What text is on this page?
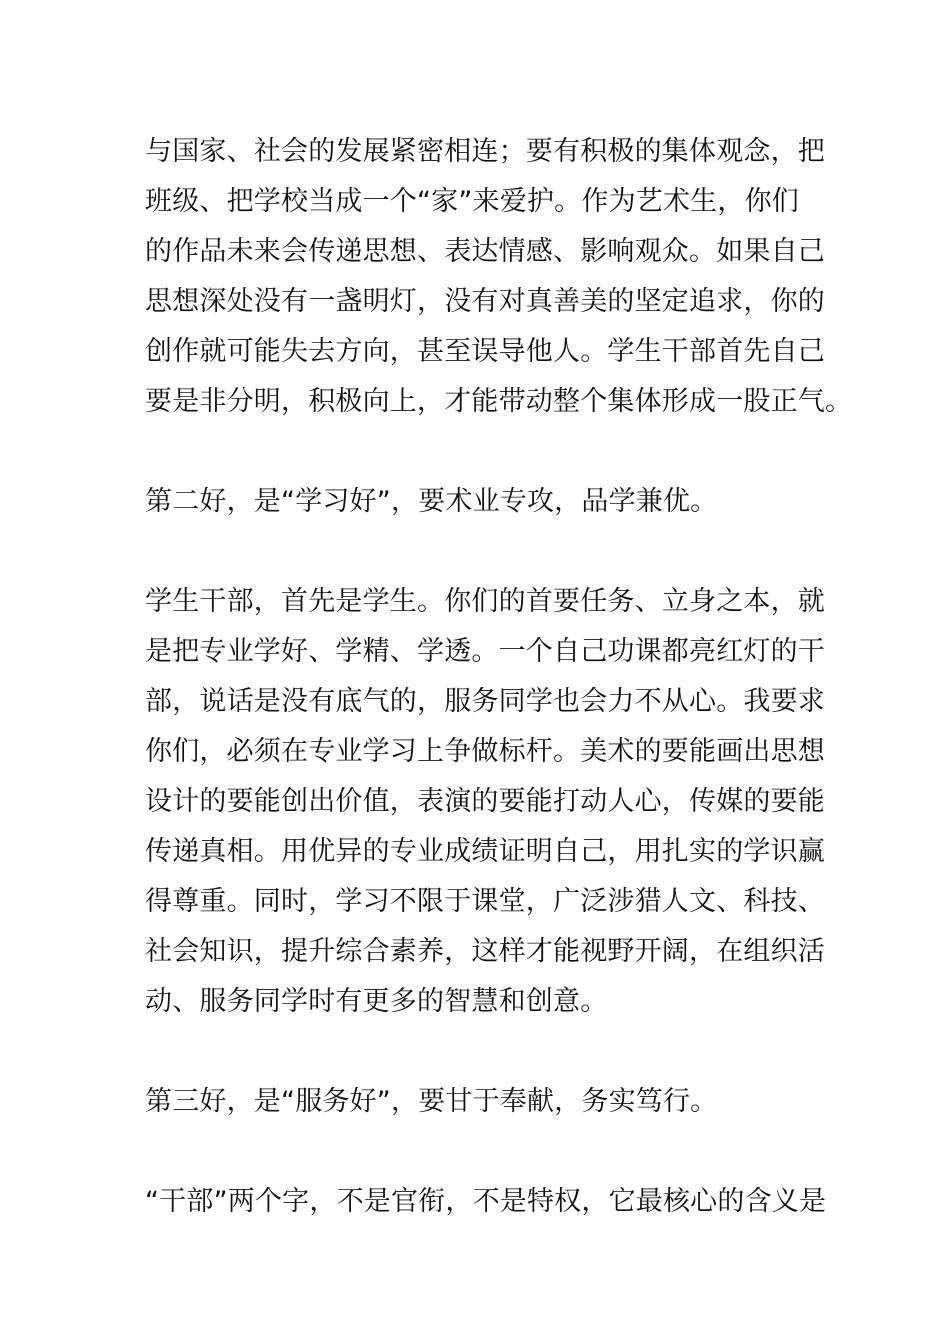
与国家、社会的发展紧密相连；要有积极的集体观念，把
班级、把学校当成一个“家”来爱护。作为艺术生，你们
的作品未来会传递思想、表达情感、影响观众。如果自己
思想深处没有一盏明灯，没有对真善美的坚定追求，你的
创作就可能失去方向，甚至误导他人。学生干部首先自己
要是非分明，积极向上，才能带动整个集体形成一股正气。
第二好，是“学习好”，要术业专攻，品学兼优。
学生干部，首先是学生。你们的首要任务、立身之本，就
是把专业学好、学精、学透。一个自己功课都亮红灯的干
部，说话是没有底气的，服务同学也会力不从心。我要求
你们，必须在专业学习上争做标杆。美术的要能画出思想
设计的要能创出价值，表演的要能打动人心，传媒的要能
传递真相。用优异的专业成绩证明自己，用扎实的学识赢
得尊重。同时，学习不限于课堂，广泛涉猎人文、科技、
社会知识，提升综合素养，这样才能视野开阔，在组织活
动、服务同学时有更多的智慧和创意。
第三好，是“服务好”，要甘于奉献，务实笃行。
“干部”两个字，不是官衔，不是特权，它最核心的含义是
